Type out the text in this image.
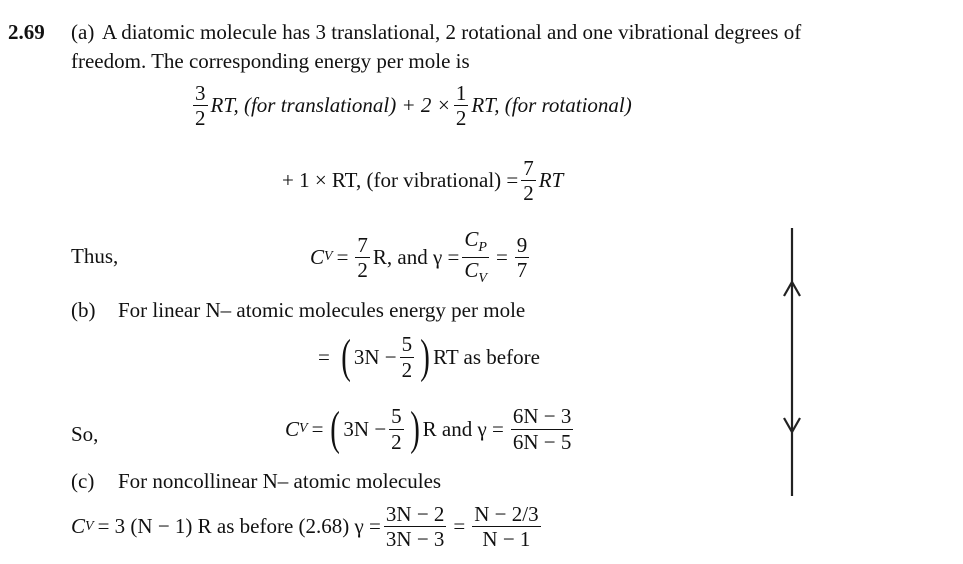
2.69 (a) A diatomic molecule has 3 translational, 2 rotational and one vibrational degrees of
freedom. The corresponding energy per mole is
$\frac{3}{2}$ RT, (for translational) + $2 \times \frac{1}{2}$ RT, (for rotational)
+ 1 × RT, (for vibrational) = $\frac{7}{2}$ RT
Thus,	C $V = \frac{7}{2} R$, and $\gamma = \frac{C_P}{C_V} = \frac{9}{7}$
(b) For linear N– atomic molecules energy per mole
= ( $3N - \frac{5}{2}$ ) RT as before
So,	C V = ( $3N - \frac{5}{2}$ ) R and $\gamma = \frac{6N - 3}{6N - 5}$
(c) For noncollinear N– atomic molecules
C V = 3 (N − 1) R as before (2.68) $\gamma = \frac{3N - 2}{3N - 3} = \frac{N - 2/3}{N - 1}$
